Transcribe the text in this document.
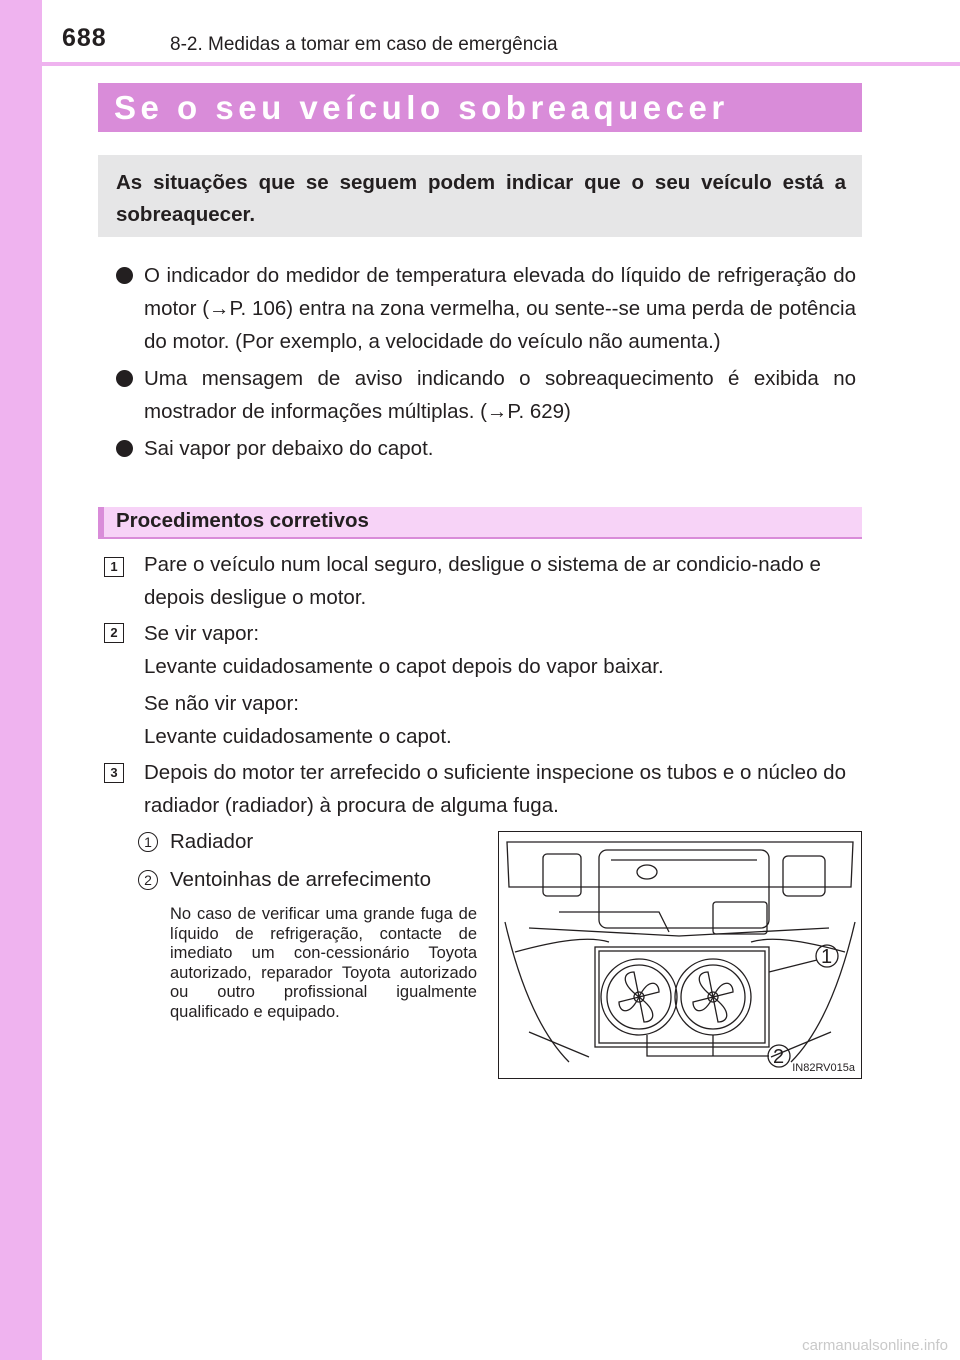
688	8-2. Medidas a tomar em caso de emergência
Se o seu veículo sobreaquecer
As situações que se seguem podem indicar que o seu veículo está a sobreaquecer.
O indicador do medidor de temperatura elevada do líquido de refrigeração do motor (→P. 106) entra na zona vermelha, ou sente--se uma perda de potência do motor. (Por exemplo, a velocidade do veículo não aumenta.)
Uma mensagem de aviso indicando o sobreaquecimento é exibida no mostrador de informações múltiplas. (→P. 629)
Sai vapor por debaixo do capot.
Procedimentos corretivos
1	Pare o veículo num local seguro, desligue o sistema de ar condicio-nado e depois desligue o motor.
2	Se vir vapor:
Levante cuidadosamente o capot depois do vapor baixar.
Se não vir vapor:
Levante cuidadosamente o capot.
3	Depois do motor ter arrefecido o suficiente inspecione os tubos e o núcleo do radiador (radiador) à procura de alguma fuga.
1 Radiador
2 Ventoinhas de arrefecimento
No caso de verificar uma grande fuga de líquido de refrigeração, contacte de imediato um con-cessionário Toyota autorizado, reparador Toyota autorizado ou outro profissional igualmente qualificado e equipado.
1
2 IN82RV015a
carmanualsonline.info
